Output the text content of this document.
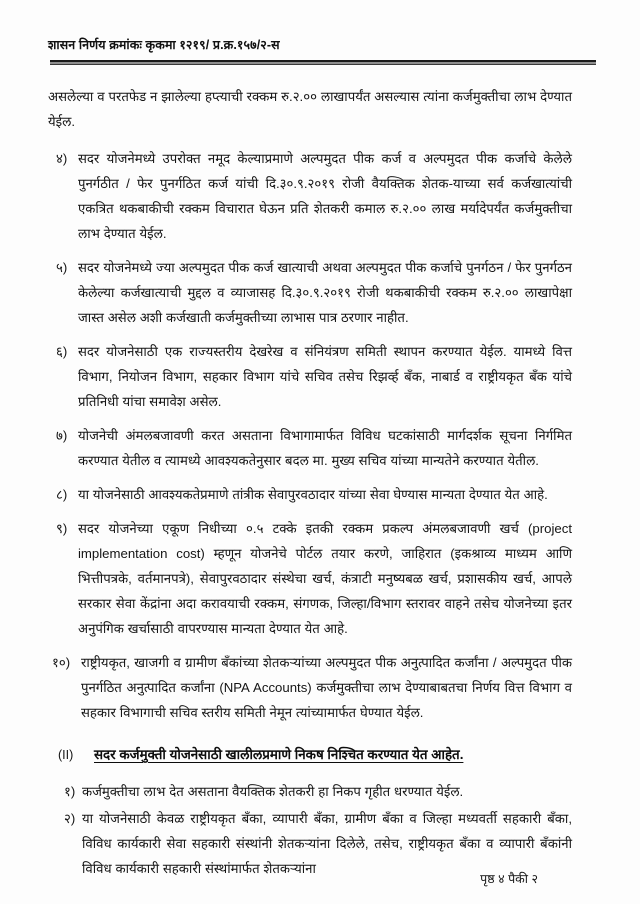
शासन निर्णय क्रमांकः कृकमा १२१९/ प्र.क्र.१५७/२-स
असलेल्या व परतफेड न झालेल्या हप्त्याची रक्कम रु.२.०० लाखापर्यंत असल्यास त्यांना कर्जमुक्तीचा लाभ देण्यात येईल.
४) सदर योजनेमध्ये उपरोक्त नमूद केल्याप्रमाणे अल्पमुदत पीक कर्ज व अल्पमुदत पीक कर्जाचे केलेले पुनर्गठीत / फेर पुनर्गठित कर्ज यांची दि.३०.९.२०१९ रोजी वैयक्तिक शेतक-याच्या सर्व कर्जखात्यांची एकत्रित थकबाकीची रक्कम विचारात घेऊन प्रति शेतकरी कमाल रु.२.०० लाख मर्यादेपर्यंत कर्जमुक्तीचा लाभ देण्यात येईल.
५) सदर योजनेमध्ये ज्या अल्पमुदत पीक कर्ज खात्याची अथवा अल्पमुदत पीक कर्जाचे पुनर्गठन / फेर पुनर्गठन केलेल्या कर्जखात्याची मुद्दल व व्याजासह दि.३०.९.२०१९ रोजी थकबाकीची रक्कम रु.२.०० लाखापेक्षा जास्त असेल अशी कर्जखाती कर्जमुक्तीच्या लाभास पात्र ठरणार नाहीत.
६) सदर योजनेसाठी एक राज्यस्तरीय देखरेख व संनियंत्रण समिती स्थापन करण्यात येईल. यामध्ये वित्त विभाग, नियोजन विभाग, सहकार विभाग यांचे सचिव तसेच रिझर्व्ह बँक, नाबार्ड व राष्ट्रीयकृत बँक यांचे प्रतिनिधी यांचा समावेश असेल.
७) योजनेची अंमलबजावणी करत असताना विभागामार्फत विविध घटकांसाठी मार्गदर्शक सूचना निर्गमित करण्यात येतील व त्यामध्ये आवश्यकतेनुसार बदल मा. मुख्य सचिव यांच्या मान्यतेने करण्यात येतील.
८) या योजनेसाठी आवश्यकतेप्रमाणे तांत्रीक सेवापुरवठादार यांच्या सेवा घेण्यास मान्यता देण्यात येत आहे.
९) सदर योजनेच्या एकूण निधीच्या ०.५ टक्के इतकी रक्कम प्रकल्प अंमलबजावणी खर्च (project implementation cost) म्हणून योजनेचे पोर्टल तयार करणे, जाहिरात (इकश्राव्य माध्यम आणि भित्तीपत्रके, वर्तमानपत्रे), सेवापुरवठादार संस्थेचा खर्च, कंत्राटी मनुष्यबळ खर्च, प्रशासकीय खर्च, आपले सरकार सेवा केंद्रांना अदा करावयाची रक्कम, संगणक, जिल्हा/विभाग स्तरावर वाहने तसेच योजनेच्या इतर अनुपंगिक खर्चासाठी वापरण्यास मान्यता देण्यात येत आहे.
१०) राष्ट्रीयकृत, खाजगी व ग्रामीण बँकांच्या शेतकऱ्यांच्या अल्पमुदत पीक अनुत्पादित कर्जांना / अल्पमुदत पीक पुनर्गठित अनुत्पादित कर्जांना (NPA Accounts) कर्जमुक्तीचा लाभ देण्याबाबतचा निर्णय वित्त विभाग व सहकार विभागाची सचिव स्तरीय समिती नेमून त्यांच्यामार्फत घेण्यात येईल.
(II)	सदर कर्जमुक्ती योजनेसाठी खालीलप्रमाणे निकष निश्चित करण्यात येत आहेत.
१) कर्जमुक्तीचा लाभ देत असताना वैयक्तिक शेतकरी हा निकप गृहीत धरण्यात येईल.
२) या योजनेसाठी केवळ राष्ट्रीयकृत बँका, व्यापारी बँका, ग्रामीण बँका व जिल्हा मध्यवर्ती सहकारी बँका, विविध कार्यकारी सेवा सहकारी संस्थांनी शेतकऱ्यांना दिलेले, तसेच, राष्ट्रीयकृत बँका व व्यापारी बँकांनी विविध कार्यकारी सहकारी संस्थांमार्फत शेतकऱ्यांना
पृष्ठ ४ पैकी २
